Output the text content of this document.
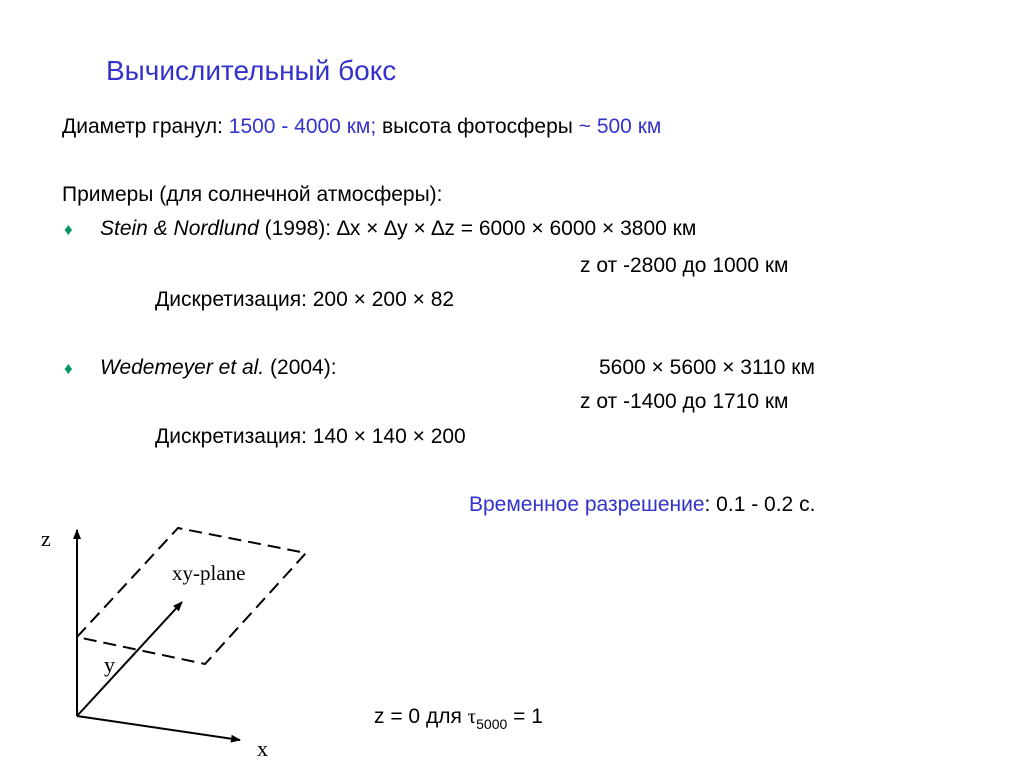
Вычислительный бокс
Диаметр гранул: 1500 - 4000 км; высота фотосферы ~ 500 км
Примеры (для солнечной атмосферы):
♦ Stein & Nordlund (1998): ∆x × ∆y × ∆z = 6000 × 6000 × 3800 км
z от -2800 до 1000 км
Дискретизация: 200 × 200 × 82
♦ Wedemeyer et al. (2004):	5600 × 5600 × 3110 км
z от -1400 до 1710 км
Дискретизация: 140 × 140 × 200
Временное разрешение: 0.1 - 0.2 с.
z
x
y
xy-plane
z = 0 для $\tau_{5000} = 1$
